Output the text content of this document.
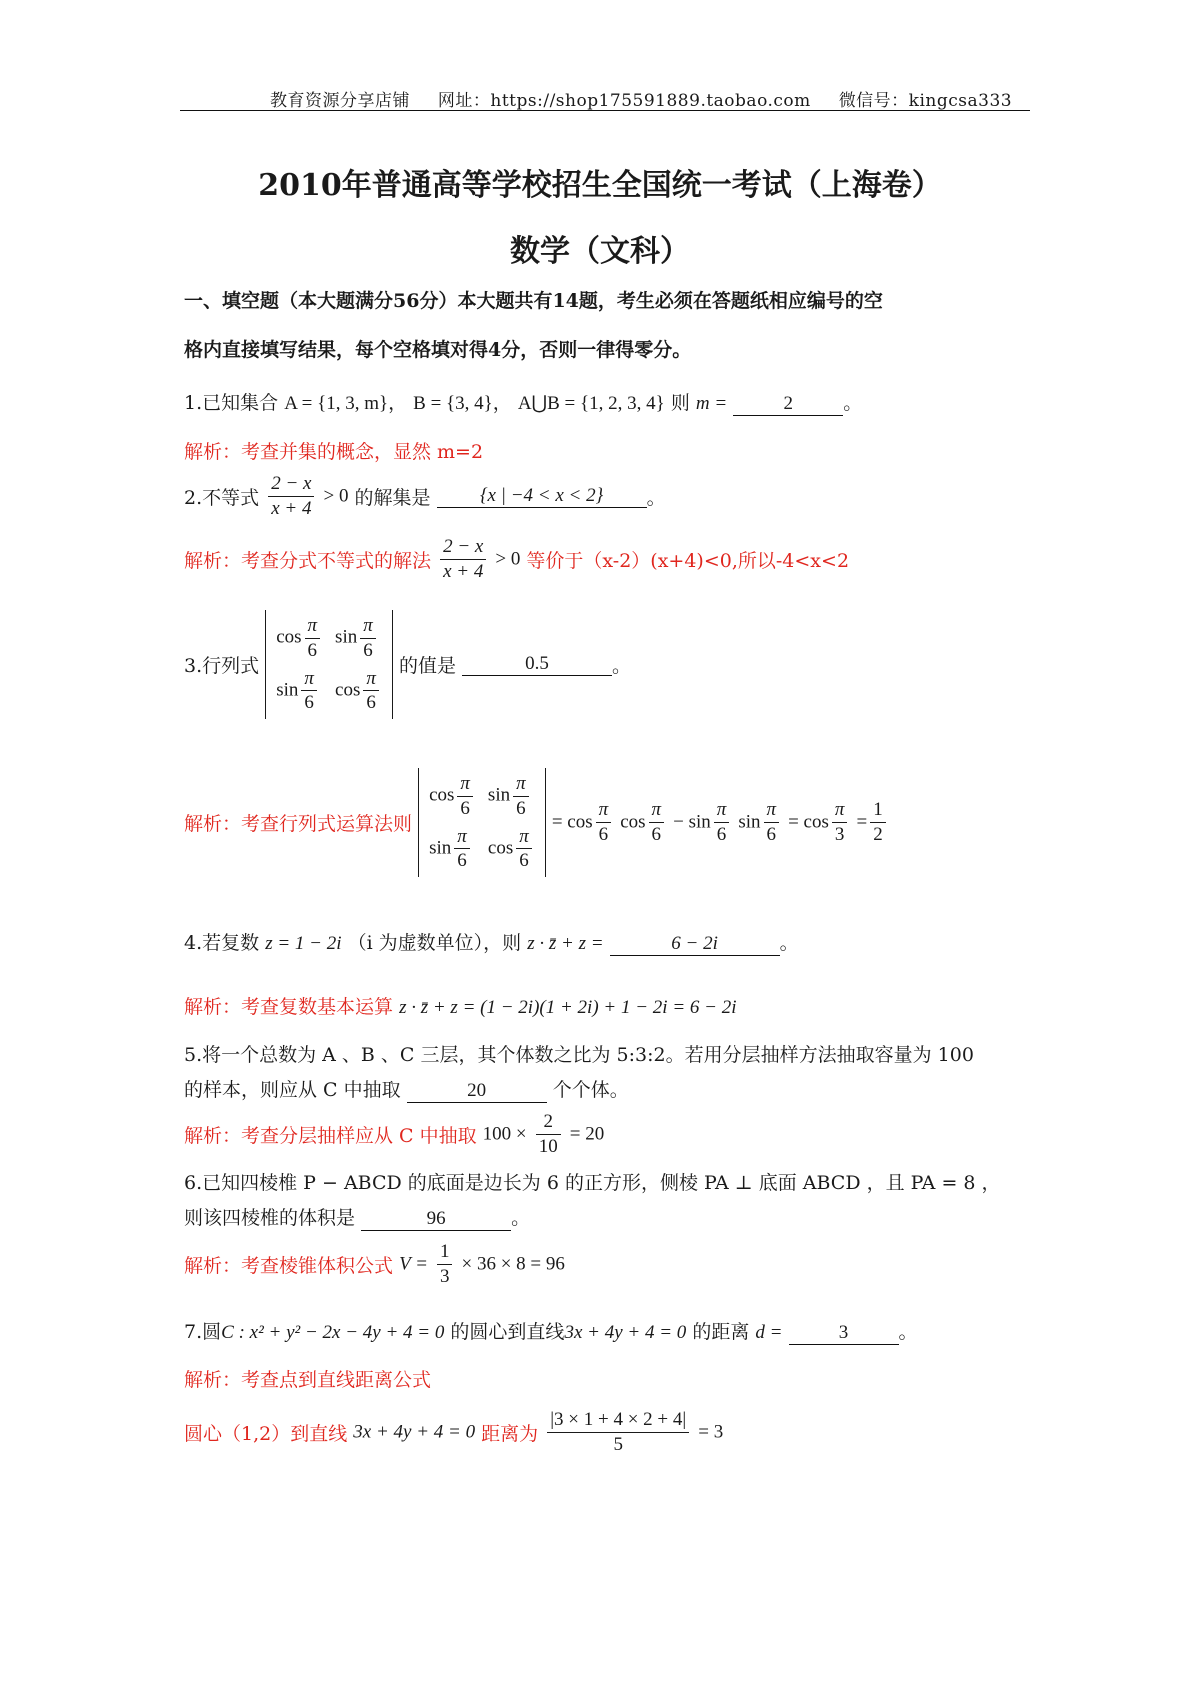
教育资源分享店铺 网址：https://shop175591889.taobao.com 微信号：kingcsa333
2010年普通高等学校招生全国统一考试（上海卷）
数学（文科）
一、填空题（本大题满分56分）本大题共有14题，考生必须在答题纸相应编号的空
格内直接填写结果，每个空格填对得4分，否则一律得零分。
1.已知集合 A = {1, 3, m}， B = {3, 4}， A⋃B = {1, 2, 3, 4} 则 m =	2	。
解析：考查并集的概念，显然 m=2
2.不等式 $\frac{2 - x}{x + 4} > 0$ 的解集是	{x | −4 < x < 2} 。
解析：考查分式不等式的解法 $\frac{2 - x}{x + 4} > 0$ 等价于（x-2）(x+4)<0,所以-4<x<2
3.行列式
$\cos \frac{\pi}{6}$	$\sin \frac{\pi}{6}$

$\sin \frac{\pi}{6}$	$\cos \frac{\pi}{6}$
的值是	0.5	。
解析：考查行列式运算法则
$\cos \frac{\pi}{6}$	$\sin \frac{\pi}{6}$

$\sin \frac{\pi}{6}$	$\cos \frac{\pi}{6}$
= $\cos \frac{\pi}{6}$ $\cos \frac{\pi}{6} - \sin \frac{\pi}{6}$ $\sin \frac{\pi}{6} = \cos \frac{\pi}{3} = \frac{1}{2}$
4.若复数 z = 1 − 2i （i 为虚数单位），则 z · z̄ + z =	6 − 2i	。
解析：考查复数基本运算 z · z̄ + z = (1 − 2i)(1 + 2i) + 1 − 2i = 6 − 2i
5.将一个总数为 A 、B 、C 三层，其个体数之比为 5:3:2。若用分层抽样方法抽取容量为 100
的样本，则应从 C 中抽取	20	个个体。
解析：考查分层抽样应从 C 中抽取 $100 \times \frac{2}{10} = 20$
6.已知四棱椎 P − ABCD 的底面是边长为 6 的正方形，侧棱 PA ⊥ 底面 ABCD ，且 PA = 8 ，
则该四棱椎的体积是	96	。
解析：考查棱锥体积公式 $V = \frac{1}{3} \times 36 \times 8 = 96$
7.圆C : x² + y² − 2x − 4y + 4 = 0 的圆心到直线3x + 4y + 4 = 0 的距离 d =	3	。
解析：考查点到直线距离公式
圆心（1,2）到直线 3x + 4y + 4 = 0 距离为 $\frac{|3 \times 1 + 4 \times 2 + 4|}{5} = 3$
